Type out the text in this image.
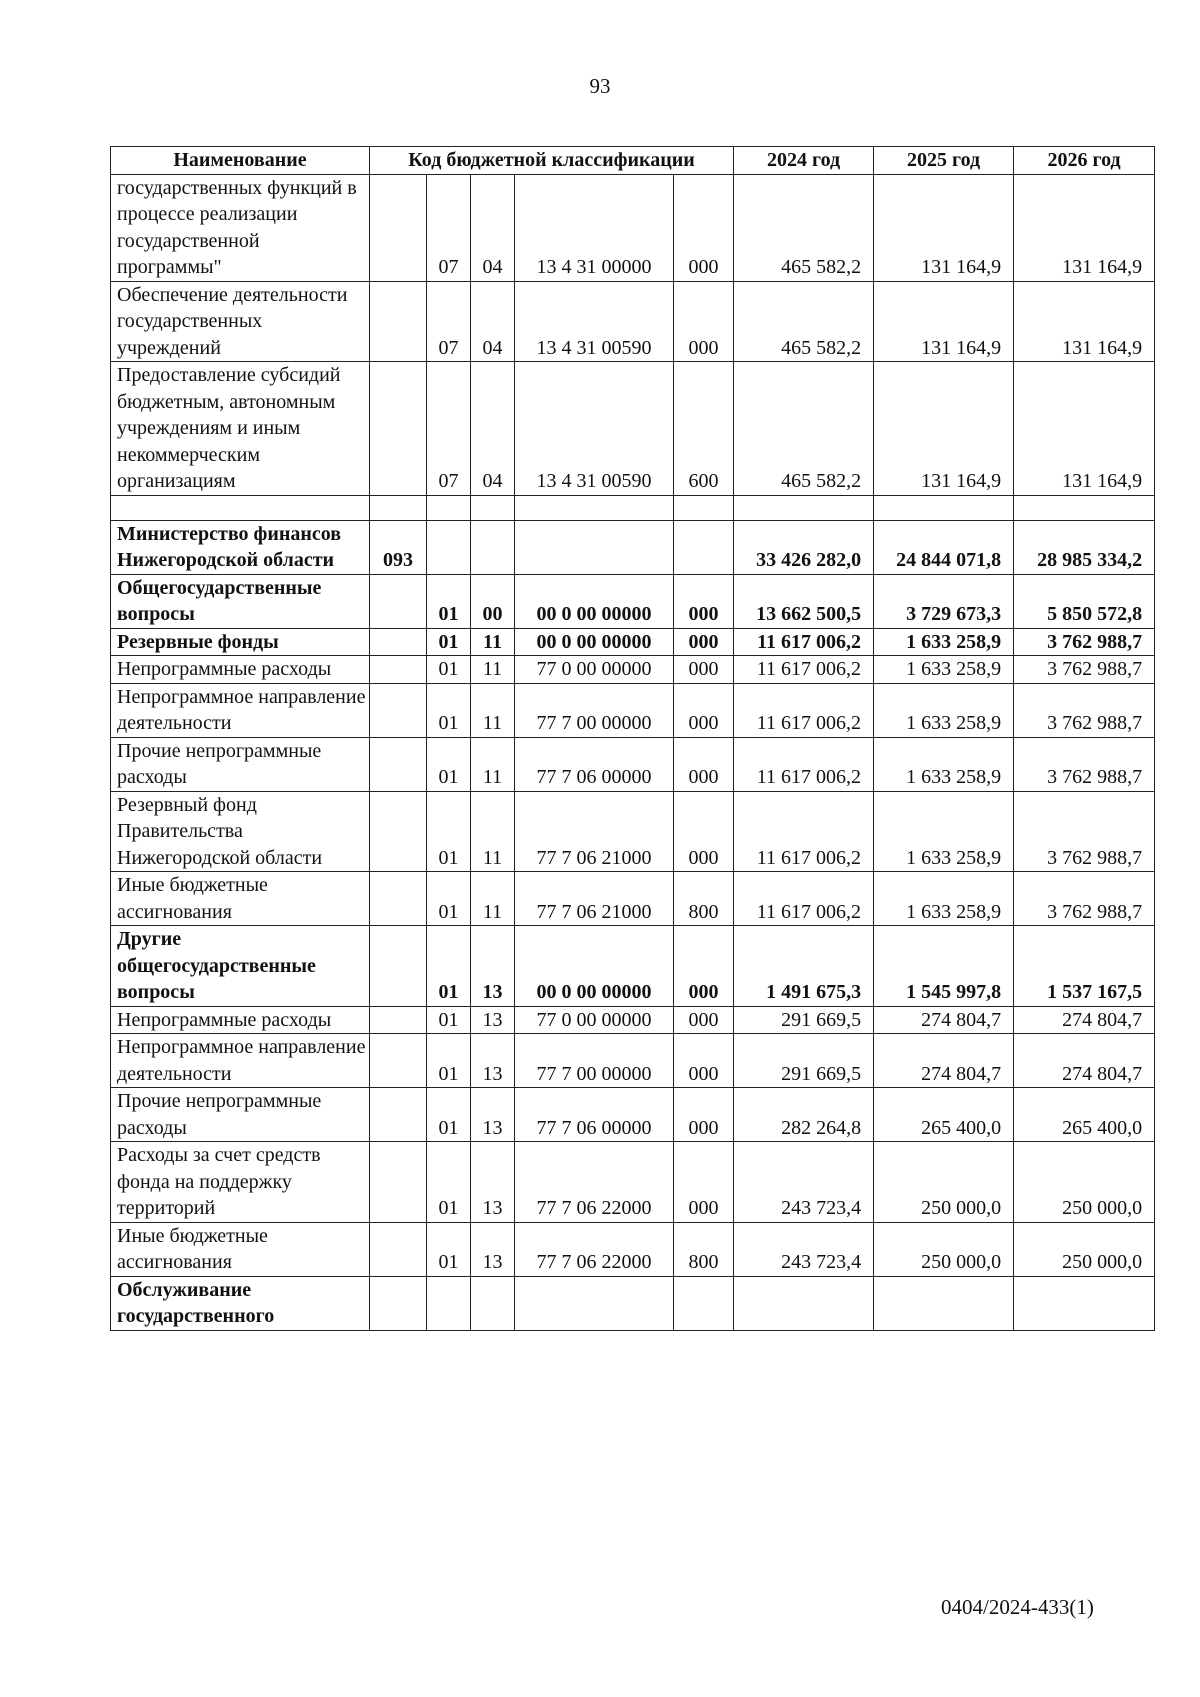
93
Наименование	Код бюджетной классификации					2024 год	2025 год	2026 год
государственных функций в процессе реализации государственной программы"		07	04	13 4 31 00000	000	465 582,2	131 164,9	131 164,9
Обеспечение деятельности государственных учреждений		07	04	13 4 31 00590	000	465 582,2	131 164,9	131 164,9
Предоставление субсидий бюджетным, автономным учреждениям и иным некоммерческим организациям		07	04	13 4 31 00590	600	465 582,2	131 164,9	131 164,9

Министерство финансов Нижегородской области	093					33 426 282,0	24 844 071,8	28 985 334,2
Общегосударственные вопросы		01	00	00 0 00 00000	000	13 662 500,5	3 729 673,3	5 850 572,8
Резервные фонды		01	11	00 0 00 00000	000	11 617 006,2	1 633 258,9	3 762 988,7
Непрограммные расходы		01	11	77 0 00 00000	000	11 617 006,2	1 633 258,9	3 762 988,7
Непрограммное направление деятельности		01	11	77 7 00 00000	000	11 617 006,2	1 633 258,9	3 762 988,7
Прочие непрограммные расходы		01	11	77 7 06 00000	000	11 617 006,2	1 633 258,9	3 762 988,7
Резервный фонд Правительства Нижегородской области		01	11	77 7 06 21000	000	11 617 006,2	1 633 258,9	3 762 988,7
Иные бюджетные ассигнования		01	11	77 7 06 21000	800	11 617 006,2	1 633 258,9	3 762 988,7
Другие общегосударственные вопросы		01	13	00 0 00 00000	000	1 491 675,3	1 545 997,8	1 537 167,5
Непрограммные расходы		01	13	77 0 00 00000	000	291 669,5	274 804,7	274 804,7
Непрограммное направление деятельности		01	13	77 7 00 00000	000	291 669,5	274 804,7	274 804,7
Прочие непрограммные расходы		01	13	77 7 06 00000	000	282 264,8	265 400,0	265 400,0
Расходы за счет средств фонда на поддержку территорий		01	13	77 7 06 22000	000	243 723,4	250 000,0	250 000,0
Иные бюджетные ассигнования		01	13	77 7 06 22000	800	243 723,4	250 000,0	250 000,0
Обслуживание государственного								
0404/2024-433(1)
